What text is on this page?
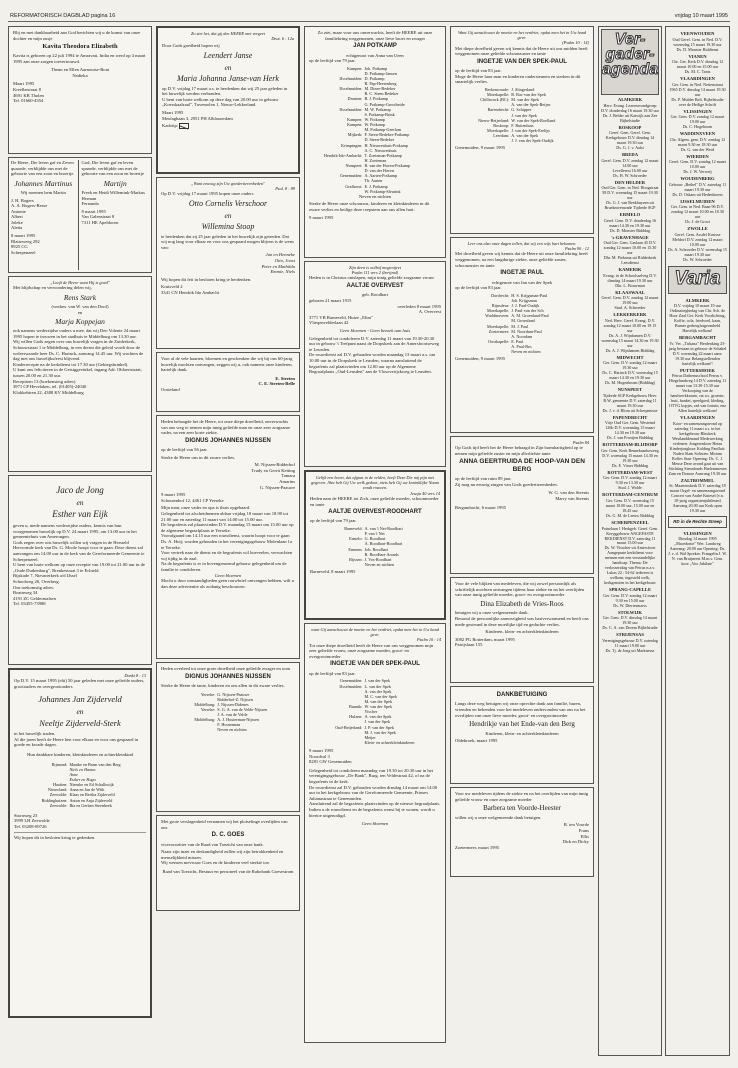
REFORMATORISCH DAGBLAD pagina 16	vrijdag 10 maart 1995
Blij en met dankbaarheid aan God berichten wij u de komst van onze dochter en mijn zusje
Kavita Theodora Elizabeth
Kavita is geboren op 22 juli 1994 te Amravati, India en werd op 4 maart 1995 aan onze zorgen toevertrouwd.
Theun en Ellen Aarnoutse-Bout
Nadieka
Maart 1995
Kreelbestraat 8
4691 KB Tholen
Tel. 01660-4354
De Heere, Die leven gaf en Zeven quaarde, verblijdde ons met de geboorte van een zoon en broertje
Johannes Martinus
Wij noemen hem Martin
J. H. Bogers
A. A. Bogers-Besse
Antonie
Albert
Joleke
Aletta
8 maart 1995
Blatizweeg 292
8925 CG
Scherpenzeel
God, Die leven gaf en leven spaarde, verblijdde ons met de geboorte van een zoon en broertje
Martijn
Freek en Heidi Willemink-Markus
Herman
Fernando
8 maart 1995
Van Galenstraat 8
7311 HE Apeldoorn
„Looft de Heere want Hij is goed"
Met blijdschap en verwondering delen wij,
Rens Stark
(weduw. van W. van den Dool)
en
Marja Koppejan
ook namens wederzijdse ouders u mee, dat wij Deo Volente 24 maart 1995 hopen te trouwen in het stadhuis te Middelburg om 13.30 uur.
Wij willen Gods zegen over ons huwelijk vragen in de Zuiderkerk, Schouwstraat 1 te Middelburg, in een dienst die geleid wordt door de weleerwaarde heer Ds. C. Harinck, aanvang 14.45 uur. Wij wachten de dag met ons huwelijksfeest blijvend.
Kinderrecepte na de kerkdienst tot 17.30 uur (Gebiegsbrinkel).
U kunt ons feliciteren in de Getsiggevinkel, ingang Adr. Oblaertstraat, tussen 20.00 en 21.30 uur.
Receptiem 13 (hoekensteig adres)
3971 CP Hevelaken, tel. (01405)-24040
Klokkebiren 22, 4388 KV Middelburg
Jaco de Jong
en
Esther van Eijk
geven u, mede namens wederzijdse ouders, kennis van hun voorgenomen huwelijk op D.V. 24 maart 1995, om 13.00 uur in het gemeentehuis van Amerongen.
Gods zegen over ons huwelijk willen wij vragen in de Hersteld Hervormde kerk van Ds. G. Moole hoopt voor te gaan. Deze dienst zal aanvangen om 14.00 uur in de kerk van de Gereformeerde Gemeente te Scherpenzeel.
U bent van harte welkom op onze receptie van 19.00 tot 21.00 uur in de „Oude Duikenburg", Brenkestraat 3 te Echteld.
Bijskade 7, Nieuwerkerk a/d IJssel
Schoolweg 26, Overberg.
Ons toekomstig adres:
Boatnweg 34
4191 ZC Geldermalsen
Tel. 03455-73988
Dankt 8 : 13
Op D.V. 15 maart 1995 (elit) 50 jaar geleden met onze geliefde ouders, grootouders en overgrootouders
Johannes Jan Zijderveld
en
Neeltje Zijderveld-Sterk
in het huwelijk traden.
Al die jaren heeft de Heere hen voor elkaar en voor ons gespaard in goede en kwade dagen.
Hun dankbare kinderen, kleinkinderen en achterkleinkind
Bijmond: Maaike en Bram van den Berg
Niels en Hanna
Anne
Esther en Hugo
Haaften: Nienske en Ed Schalkwijk
Nieuwland: Anna en Jan de With
Zeewolde: Klaas en Bertha Zijderveld
Biddinghuizen: Anton en Anja Zijderveld
Zeewolde: Bia en Gerben Steenbeek
Stornweg 23
3999 LH Zeewolde
Tel. 03208-89726
Wij hopen dit in besloten kring te gedenken.
Zo ziet het, dat gij den HEERE met vergeet
Deut. 6 : 12a
Door Gods goedheid hopen wij
Leendert Janse
en
Maria Johanna Janse-van Herk
op D.V. vrijdag 17 maart a.s. te herdenken dat wij 25 jaar geleden in het huwelijk werden verbonden.
U bent van harte welkom op deze dag van 20.00 uur in gebouw „Koerskaalzaal", Tuvemolen 1, Nieuw-Lekkerland.
Maart 1995
Meulagbaan 3, 2951 PH Alblasserdam
Kadotip:
„Want eeuwig zijn Uw goedertierenheden"
Psal. 8 : 89
Op D.V. vrijdag 17 maart 1995 hopen onze ouders
Otto Cornelis Verschoor
en
Willemina Stoop
te herdenken dat zij 25 jaar geleden in het huwelijk zijn getreden. Dat wij nog lang voor elkaar en voor ons gespaard mogen blijven is de wens van:
Jan en Henneke
Otto, Joost
Peter en Mathilda
Emmie, Niels
Wij hopen dit feit in besloten kring te herdenken.
Kruisveld 2
3341 CN Hendrik Ido Ambacht
Voor al de vele kaarten, bloemen en geschenken die wij bij ons 60-jarig huwelijk mochten ontvangen, zeggen wij u, ook namens onze kinderen, hartelijk dank.
E. Steeten
C. E. Steeten-Belle
Oosteland
Heden behaagde het de Heere, tot onze diepe droefheid, onverwachts van ons weg te nemen mijn innig geliefde man en onze zeer zorgzame vader, na een zeer korte ziekte,
DIGNUS JOHANNES NIJSSEN
op de leeftijd van 56 jaar.
Sterke de Heere ons in dit zware verlies.
M. Nijssen-Ridderhof
Trudy en Gerrit Ketting
Tamara
Amarins
G. Nijssen-Paauwe
9 maart 1995
Schoutenhof 12, 4461 CP Yerseke
Mijn man, onze vader en opa is thuis opgebaard.
Gelegenheid tot afscheidnemen aldaar vrijdag 10 maart van 18.90 tot 21.00 uur en zaterdag 11 maart van 14.00 tot 15.00 uur.
De begrafenis zal plaatsvinden D.V. maandag 13 maart om 15.00 uur op de algemene begraafplaats te Yerseke.
Voorafgaand om 14.15 uur een rouwdienst, waarin hoopt voor te gaan Ds. A. Hoij; worden gehouden in het verenigingsgebouw Molenlaan 1a te Yerseke.
Voor vertrek naar de dienst en de begrafenis wil hoeveelen, verwachten wij tijdig in de zaal.
Na de begrafenis is er in bovengenoemd gebouw gelegenheid om de familie te condoleren.
Geen bloemen
Mocht u door omstandigheden geen rouwbrief ontvangen hebben, wilt u dan deze advertentie als zodanig beschouwen.
Heden overleed tot onze grote droefheid onze geliefde zwager en oom
DIGNUS JOHANNES NIJSSEN
Sterke de Heere de tante, kinderen en ons allen in dit zware verlies.
Yerseke: G. Nijssen-Paauwe
Ridderhof-Z. Nijssen
Middelburg: J. Nijssen-Didenes
Yerseke: S. G. A. van de Velde-Nijssen
J. A. van de Velde
Middelburg: A. J. Houterman-Nijssen
F. Houterman
Neven en nichten
Met grote verslagenheid vernamen wij het plotselinge overlijden van ons
D. C. GOES
vicevoorzitter van de Raad van Toezicht van onze bank.
Naast zijn inzet en deskundigheid zullen wij zijn betrokkenheid en menselijkheid missen.
Wij wensen mevrouw Goes en de kinderen veel sterkte toe.
Raad van Toezicht, Bestuur en personeel van de Rabobank Goesestrom
Zo ziet, maar voor ons onverwachts, heeft de HEERE uit onze familiekring weggenomen, onze lieve broer en zwager
JAN POTKAMP
echtgenoot van Anna van Ueen
op de leeftijd van 79 jaar.
Kampen: Joh. Potkamp
D. Potkamp-Jansen
IJsselmuiden: D. Potkamp
B. Pap-Heerenberg
IJsselmuiden: M. Dieze-Bedeker
B. C. Steen Bedeker
Dronten: B. J. Potkamp
G. Potkamp-Grootheide
IJsselmuiden: M. W. Potkamp
S. Potkamp-Brink
Kampen: W. Potkamp
Kampen: W. Potkamp
M. Potkamp-Geerlom
Mijkerk: F. Steen-Bedeker-Potkamp
D. Steen-Bedeker
Krimpingen: H. Nieuwenhuis-Potkamp
A. C. Nieuwenhuis
Hendrik-Ido-Ambacht: T. Zoeteman-Potkamp
H. Zoeteman
Nunspeet: R. van der Haven-Potkamp
D. van der Haven
Genemuiden: A. Aarten-Potkamp
Th. Aarten
Grafhorst: E. J. Potkamp
W. Potkamp-Sleurink
Neven en nichten
Sterke de Heere onze schoonzus, kinderen en kleinkinderen in dit zware verlies en heilige deze roepstem aan ons allen hart.
9 maart 1995
Zijn deen is oolbof mogenijeet
Psalm 111 vers 2 (berijmd)
Heden is in Christus ontslapen, mijn innig geliefde zorgzame vrouw
AALTJE OVERVEST
geb. Roodhart
geboren 21 maart 1915
overleden 8 maart 1995
A. Overvest
3771 VB Barneveld, Huize „Elim"
Vlieqenvelderlaan 42
Geen bloemen - Geen bezoek aan huis
Gelegenheid tot condoleren D.V. zaterdag 11 maart van 19.30-20.30 uur in gebouw 't Trefpunt naast de Dorpskerk aan de Amersfoortseweg te Leusden.
De rouwdienst zal D.V. gehouden worden maandag 13 maart a.s. om 10.00 uur in de Dorpskerk te Leusden, waarna aansluitend de begrafenis zal plaatsvinden om 12.00 uur op de Algemene Begraafplaats „Oud-Leusden" aan de Vlosoverijskweg te Leusden.
Gelijk een hoort, dat afgnat in de velden, heeft Deze Die mij pijn met gegeven. Ahw heb Gij Uw welk gedoot, niets heb Gij uw koninklijke Naam zondt rouwen.
Jesaja 40 vers 14
Heden nam de HEERE tot Zich, onze geliefde moeder, schoonmoeder en tante
AALTJE OVERVEST-ROODHART
op de leeftijd van 79 jaar.
Barneveld: A. van 't Net-Roodhart
P. van 't Net
Ermelo: G. Roodhart
A. Roodhart-Roodhart
Emmen: Joh. Roodhart
R. Roodhart-Aronds
Rijssen: J. Vos-Roodhart
Neven en nichten
Barneveld, 8 maart 1995
want Gij aanschouwt de moeite en het verdriet, opdat men het in Uw hand geve.
Psalm 10 : 14
Tot onze diepe droefheid heeft de Heere van ons weggenomen mijn zeer geliefde vrouw, onze zorgzame moeder, groot- en overgrootmoeder
INGETJE VAN DER SPEK-PAUL
op de leeftijd van 83 jaar.
Genemuiden: J. van der Spek
IJsselmuiden: L. van der Spek
A. van der Spek
M. C. van der Spek
M. van der Spek
Bunnik: W. van der Spek
Vischer
Hulzen: A. van der Spek
J. van der Spek
Oud-Beijerland: J. P. van der Spek
M. J. van der Spek
Meijer
Klein- en achterkleinkinderen
9 maart 1995
Noordval 3
8281 GW Genemuiden
Gelegenheid tot condoleren maandag van 19.30 tot 20.30 uur in het verenigingsgebouw „De Bank", Burg. ten Veldestraat 42, of na de begrafenis in de kerk.
De rouwdienst zal D.V. gehouden worden dinsdag 14 maart om 14.00 uur in het kerkgebouw van de Gereformeerde Gemeente, Prinses Julianastraat te Genemuiden.
Aansluitend zal de begrafenis plaatsvinden op de nieuwe begraafplaats. Indien u de rouwdienst en de begrafenis wenst bij te wonen, wordt u hiertoe uitgenodigd.
Geen bloemen
Want Gij aanschouwt de moeite en het verdriet, opdat men het in Uw hand geve.
(Psalm 10 : 14)
Met diepe droefheid geven wij kennis dat de Heere uit ons midden heeft weggenomen onze geliefde schoonzuster en tante
INGETJE VAN DER SPEK-PAUL
op de leeftijd van 83 jaar.
Moge de Heere haar man en kinderen ondersteunen en sterken in dit smartelijk verlies.
Berkenwoude: J. Slingerland
Moerkapelle: B. Bac-van der Spek
Chilliwack (BC): M. van der Spek
A. van der Spek-Reijns
Barendrecht: G. Schipper
J. van der Spek
Nieuw-Beijerland: W. van der Spek-Roelland
Boskoop: F. Buitenhuis
Moerkapelle: J. van der Spek-Erelijn
Leerdam: A. van der Spek
J. J. van der Spek-Oudijk
Genemuiden, 9 maart 1995
Leer ons alzo onze dagen tellen, dat wij een wijs hart bekomen.
Psalm 90 : 12
Met droefheid geven wij kennis dat de Heere uit onze familiekring heeft weggenomen, na een langdurige ziekte, onze geliefde zuster, schoonzuster en tante
INGETJE PAUL
echtgenote van Jan van der Spek
op de leeftijd van 83 jaar.
Dordrecht: H. S. Krijgsman-Paul
Joh. Krijgsman
Rijnsdeur: J. J. Paul-Oudijk
Moerkapelle: J. Paul-van der Sch
Waddinxveen: A. M. Groenland-Paul
M. Groenland
Moerkapelle: M. J. Paul
Zoetermeer: M. Noordam-Paul
A. Noordam
Oostkapelle: E. Paul
A. Paul-Bos
Neven en nichten
Genemuiden, 9 maart 1995
Psalm 84
Op Gods tijd heeft het de Heere behaagd in Zijn barmhartigheid op te nemen mijn geliefde zuster en mijn allerliefste tante
ANNA GEERTRUIDA DE HOOP-VAN DEN BERG
op de leeftijd van ruim 89 jaar.
Zij mag nu eeuwig zingen van Gods goedertierenheden.
W. G. van den Steenis
Marry van Steenis
Bergambacht, 6 maart 1995
Voor de vele blijken van medeleven, die wij zowel persoonlijk als schriftelijk mochten ontvangen tijdens haar ziekte en na het overlijden van onze innig geliefde moeder, groot- en overgrootmoeder
Dina Elizabeth de Vries-Roos
betuigen wij u onze welgemeende dank.
Besonul de persoonlijke aanwezigheid was hartverwarmend en heeft ons mede gesteund in deze moeilijke tijd en gedachte verlies.
Kinderen, klein- en achterkleinkinderen
3082 PG Rotterdam, maart 1995
Patrijslaan 155
DANKBETUIGING
Langs deze weg betuigen wij onze oprechte dank aan familie, buren, vrienden en bekenden voor het medeleven ondervonden van ons na het overlijden van onze lieve moeder, groot- en overgrootmoeder
Hendrikje van het Ende-van den Berg
Kinderen, klein- en achterkleinkinderen
Oldebroek, maart 1995
Voor uw medeleven tijdens de ziekte en na het overlijden van mijn innig geliefde vrouw en onze zorgzame moeder
Barbera ten Voorde-Heester
willen wij u onze welgemeende dank betuigen.
B. ten Voorde
Frans
Ellis
Dirk en Dicky
Zoetermeer, maart 1995
Ver-
gader-
agenda
ALMKERK
Herv. Evang. Lezereavondgroep D.V. donderdag 16 maart 19.30 uur
Ds. J. Belder uit Katwijk aan Zee Bijbelstudie
BOSKOOP
Geref. Gem. Geref. Gem. Kerkgebouw D.V. dinsdag 14 maart 19.30 uur
Ds. G. J. v. Aalst
BREDA
Geref. Gem. D.V. zondag 12 maart 14.00 uur
Levellerest 16.00 uur
Ds. H. W. Schroeder
DEN HELDER
Oud Ger. Gem. in Ned. Hoogstraat 58 D.V. woensdag 15 maart 19.30 uur
Ds. G. J. van Reekhuyzen uit Bruekmvenwade Tijdrede SGP
ERMELO
Geref. Gem. D.V. donderdag 16 maart 14.30 en 19.30 uur
Ds. D. Monster Bidddag
's-GRAVENHAGE
Oud Ger. Gem. Gaslaan 45 D.V. zondag 12 maart 10.00 en 15.30 uur
Dhr. M. Pieksma uit Ridderkerk Leesdienst
KAMERIK
Evang. in de Schoolsselveg D.V. dinsdag 14 maart 19.30 uur
Dhr. L. Bouwman
KLAASWAAL
Geref. Gem. D.V. zondag 12 maart 19.00 uur
Stud. A. Schroeder
LEKKERKERK
Ned. Herv. Geref. Evang. D.V. zondag 12 maart 10.00 en 19.15 uur
Ds. A. J. Wijnhamen D.V. woensdag 15 maart 14.30 en 19.30 uur
Ds. A. J. Wijnhamen Bidddag
MIDWECHT
Ger. Gem. D.V. zondag 12 maart 19.30 uur
Ds. C. Harinck D.V. woensdag 15 maart 14.30 en 19.30 uur
Ds. M. Hogenboom (Bidddag)
NUNSPEET
Tijdrede SGP Kerkgebouw Herv. B.W. gemeente D.V. zaterdag 11 maart 19.30 uur
Ds. J. v. d. Blom uit Scherpenisse
PAPENDRECHT
Vrije Oud Ger. Gem. Westeind 126b D.V. woensdag 15 maart 14.30 en 19.30 uur
Ds. J. van Prooijen Bidddag
ROTTERDAM-BLIJDORP
Ger. Gem. Kerk Bennekumbzweeg D.V. woensdag 15 maart 14.30 en 19.30 uur
Ds. E. Visser Bidddag
ROTTERDAM-WEST
Ger. Gem. D.V. zondag 12 maart 9.30 en 13.30 uur
Stud. J. Wolde
ROTTERDAM-CENTRUM
Ger. Gem. D.V. woensdag 15 maart 10.00 uur, 15.00 uur en 18.45 uur
Ds. G. M. de Leeuw Bidddag
SCHERPENZEEL
Poinzlaan 1 Herbgeb. Geref. Gem. Keryggebouw ANGEFASTE REKDIENST D.V. zaterdag 11 maart 15.00 uur
Ds. W. Visscher uit Amersfoort Aangepaste kerkdienst voor mensen met een verstandelijke handicap. Thema: De verlossersdag van Petrus n.a.v. Lukas 22 : 54-62 iedereen is welkom, ingesteld welk, kerkgenoten in het kerkgebouw
SPRANG-CAPELLE
Ger. Gem. D.V. zondag 12 maart 9.30 en 15.00 uur
Ds. W. Dieriesmarss
STOLWIJK
Ger. Gem. D.V. dinsdag 14 maart 19.30 uur
Ds. C. A. van Dorem Bijbelstudie
STRIJENSAS
Verenigingsgebouw D.V. zaterdag 11 maart 19.00 uur
Ds. Tj. de Jong uit Marknesse
VEENWOUDEN
Oud Geref. Gem. in Ned. D.V. woensdag 15 maart 19.30 uur
Ds. D. Monster Biddienst
VIANEN
Chr. Ger. Kerk D.V. dinsdag 12 maart 10.00 en 15.00 uur
Ds. M. C. Tanis
VLAARDINGEN
Ger. Gem. in Ned. Nettenstraat 1965 D.V. dinsdag 14 maart 19.30 uur
Ds. P. Mulder Belt. Bijbelstudie over de Heilige Schrift
VLISSINGEN
Ger. Gem. D.V. zondag 12 maart 19.00 uur
Ds. C. Hogeboom
WADDINXVEEN
Chr. Algem. gem. D.V. zondag 12 maart 9.30 en 18.30 uur
Ds. G. van der Werd
WIERDEN
Geref. Gem. D.V. zondag 12 maart 10.00 uur
Ds. J. W. Verweij
WOUDENBERG
Gebouw „Bethel" D.V. zaterdag 11 maart 19.30 uur
Ds. D. Oskam uit Hedenbroest
IJSSELMUIDEN
Ger. Gem. in Ned. Baan 96 D.V. zondag 12 maart 10.00 en 18.30 uur
Ds. J. de Groot
ZWOLLE
Geref. Gem. Assdel Kruisse Meldorf D.V. zondag 12 maart 10.00 uur
Ds. A. Schroeder D.V. woensdag 15 maart 19.30 uur
Ds. W. Schroeder
Varia
ALMKERK
D.V. vrijdag 10 maart 19 uur
Ordinatieghedag van Chr. Sch. de Hoor Zaal Ger. Kerk Voorlichting, Koffie, cola, friedvoel, kaan, Bumer gerhergfrageomheld Hartelijk welkom!
BERGAMBACHT
Vr. Ver. „Tirkana" Herdenking 25-jarig bestaan in gebouw de Schakel D.V. woensdag 22 maart aanv. 19.30 uur Belangstellenden hartelijk welkom!!
PUTTERSHOEK
Petrus Dathenuschool Petrus v. Hiegelundweg 14 D.V. zaterdag 11 maart van 13.30-15.30 uur Verkooping van de handwerkkraam, cat a.s. groente, fruit, banket, speelgoed, kleding, OTVG kopjes, rad van fortuin, enz Allen hartelijk welkom!
VLAARDINGEN
Koor- en samenzangavond op zaterdag 11 maart a.s. in het kerkgebouw Bleokerk Westlanddenand Medewerking verlenen: Jongerenkoor Hetau Kinderjongkoor Kolding Panfluit: Nadett Slam Solisten: Miriam Rolfes Starr Opening: Ds. C. J. Meuse Deze avond gaat uit van Stichting Steunfonds Harlemmesen Zam en Donore Aanvang 19.30 uur
ZALTBOMMEL
St. Maartenskerk D.V. zaterdag 18 maart Orgel- en samenzangavond Concert van André Kniesel (v.n. 10-jarig organistenjubileum) Aanvang 20.00 uur Kerk open 19.30 uur
RD in de Rechte Streep
VLISSINGEN
Dinsdag 14 maart 1995 „Macedonie" Wer. Landweg Aanvang: 20.00 uur Opening: Ds. J. v. d. Wal Spreker: Frangelin J. W. N. van Bruijneest M.m.v. Gem. koor „Vox Jubilate"
